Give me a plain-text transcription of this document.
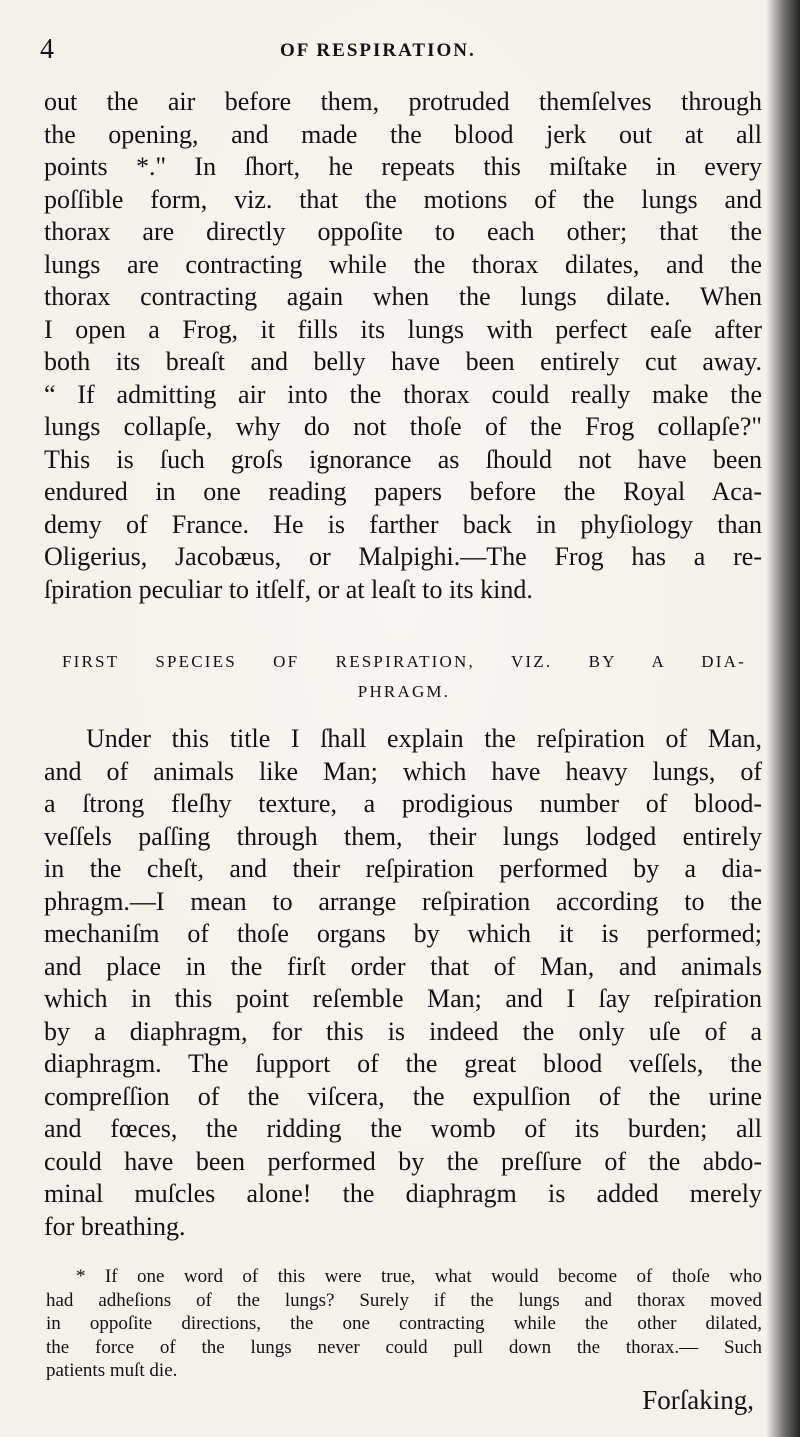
4	OF RESPIRATION.
out the air before them, protruded themſelves through
the opening, and made the blood jerk out at all
points *." In ſhort, he repeats this miſtake in every
poſſible form, viz. that the motions of the lungs and
thorax are directly oppoſite to each other; that the
lungs are contracting while the thorax dilates, and the
thorax contracting again when the lungs dilate. When
I open a Frog, it fills its lungs with perfect eaſe after
both its breaſt and belly have been entirely cut away.
“ If admitting air into the thorax could really make the
lungs collapſe, why do not thoſe of the Frog collapſe?"
This is ſuch groſs ignorance as ſhould not have been
endured in one reading papers before the Royal Aca-
demy of France. He is farther back in phyſiology than
Oligerius, Jacobæus, or Malpighi.—The Frog has a re-
ſpiration peculiar to itſelf, or at leaſt to its kind.
FIRST SPECIES OF RESPIRATION, VIZ. BY A DIA-
PHRAGM.
Under this title I ſhall explain the reſpiration of Man,
and of animals like Man; which have heavy lungs, of
a ſtrong fleſhy texture, a prodigious number of blood-
veſſels paſſing through them, their lungs lodged entirely
in the cheſt, and their reſpiration performed by a dia-
phragm.—I mean to arrange reſpiration according to the
mechaniſm of thoſe organs by which it is performed;
and place in the firſt order that of Man, and animals
which in this point reſemble Man; and I ſay reſpiration
by a diaphragm, for this is indeed the only uſe of a
diaphragm. The ſupport of the great blood veſſels, the
compreſſion of the viſcera, the expulſion of the urine
and fœces, the ridding the womb of its burden; all
could have been performed by the preſſure of the abdo-
minal muſcles alone! the diaphragm is added merely
for breathing.
* If one word of this were true, what would become of thoſe who
had adheſions of the lungs? Surely if the lungs and thorax moved
in oppoſite directions, the one contracting while the other dilated,
the force of the lungs never could pull down the thorax.— Such
patients muſt die.
Forſaking,
